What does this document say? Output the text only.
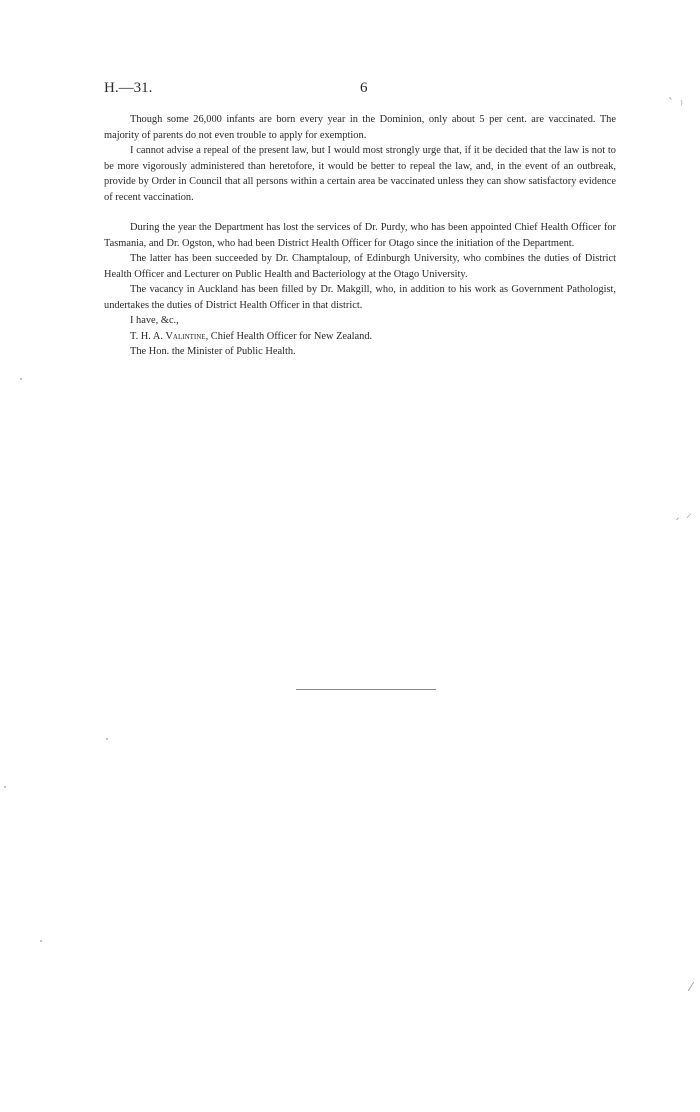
H.—31.	6

Though some 26,000 infants are born every year in the Dominion, only about 5 per cent. are vaccinated. The majority of parents do not even trouble to apply for exemption.

I cannot advise a repeal of the present law, but I would most strongly urge that, if it be decided that the law is not to be more vigorously administered than heretofore, it would be better to repeal the law, and, in the event of an outbreak, provide by Order in Council that all persons within a certain area be vaccinated unless they can show satisfactory evidence of recent vaccination.

During the year the Department has lost the services of Dr. Purdy, who has been appointed Chief Health Officer for Tasmania, and Dr. Ogston, who had been District Health Officer for Otago since the initiation of the Department.

The latter has been succeeded by Dr. Champtaloup, of Edinburgh University, who combines the duties of District Health Officer and Lecturer on Public Health and Bacteriology at the Otago University.

The vacancy in Auckland has been filled by Dr. Makgill, who, in addition to his work as Government Pathologist, undertakes the duties of District Health Officer in that district.

I have, &c.,

T. H. A. Valintine, Chief Health Officer for New Zealand.

The Hon. the Minister of Public Health.

ˋ ⁾
ˏ ⸝
⁄
